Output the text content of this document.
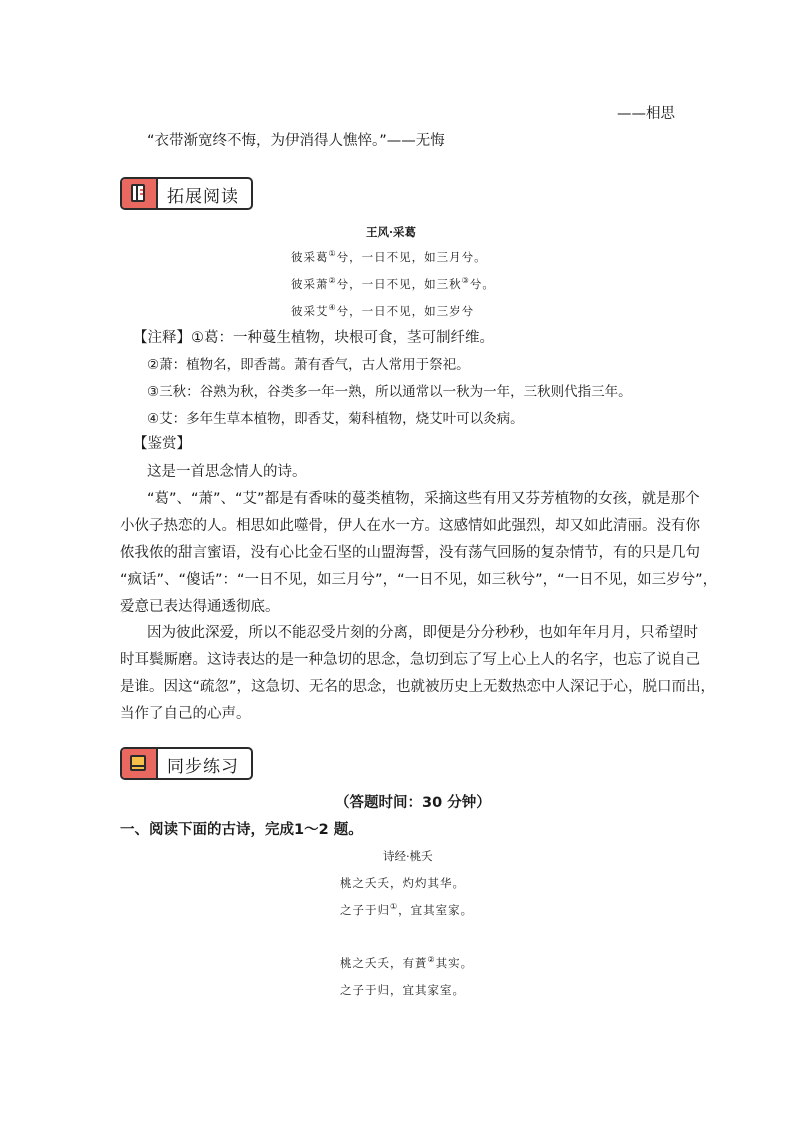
——相思
“衣带渐宽终不悔，为伊消得人憔悴。”——无悔
拓展阅读
王风·采葛
彼采葛①兮，一日不见，如三月兮。
彼采萧②兮，一日不见，如三秋③兮。
彼采艾④兮，一日不见，如三岁兮
【注释】①葛：一种蔓生植物，块根可食，茎可制纤维。
②萧：植物名，即香蒿。萧有香气，古人常用于祭祀。
③三秋：谷熟为秋，谷类多一年一熟，所以通常以一秋为一年，三秋则代指三年。
④艾：多年生草本植物，即香艾，菊科植物，烧艾叶可以灸病。
【鉴赏】
这是一首思念情人的诗。
“葛”、“萧”、“艾”都是有香味的蔓类植物，采摘这些有用又芬芳植物的女孩，就是那个
小伙子热恋的人。相思如此噬骨，伊人在水一方。这感情如此强烈，却又如此清丽。没有你
侬我侬的甜言蜜语，没有心比金石坚的山盟海誓，没有荡气回肠的复杂情节，有的只是几句
“疯话”、“傻话”：“一日不见，如三月兮”，“一日不见，如三秋兮”，“一日不见，如三岁兮”，
爱意已表达得通透彻底。
因为彼此深爱，所以不能忍受片刻的分离，即便是分分秒秒，也如年年月月，只希望时
时耳鬓厮磨。这诗表达的是一种急切的思念，急切到忘了写上心上人的名字，也忘了说自己
是谁。因这“疏忽”，这急切、无名的思念，也就被历史上无数热恋中人深记于心，脱口而出，
当作了自己的心声。
同步练习
（答题时间：30 分钟）
一、阅读下面的古诗，完成1～2 题。
诗经·桃夭
桃之夭夭，灼灼其华。
之子于归①，宜其室家。
桃之夭夭，有蕡②其实。
之子于归，宜其家室。
